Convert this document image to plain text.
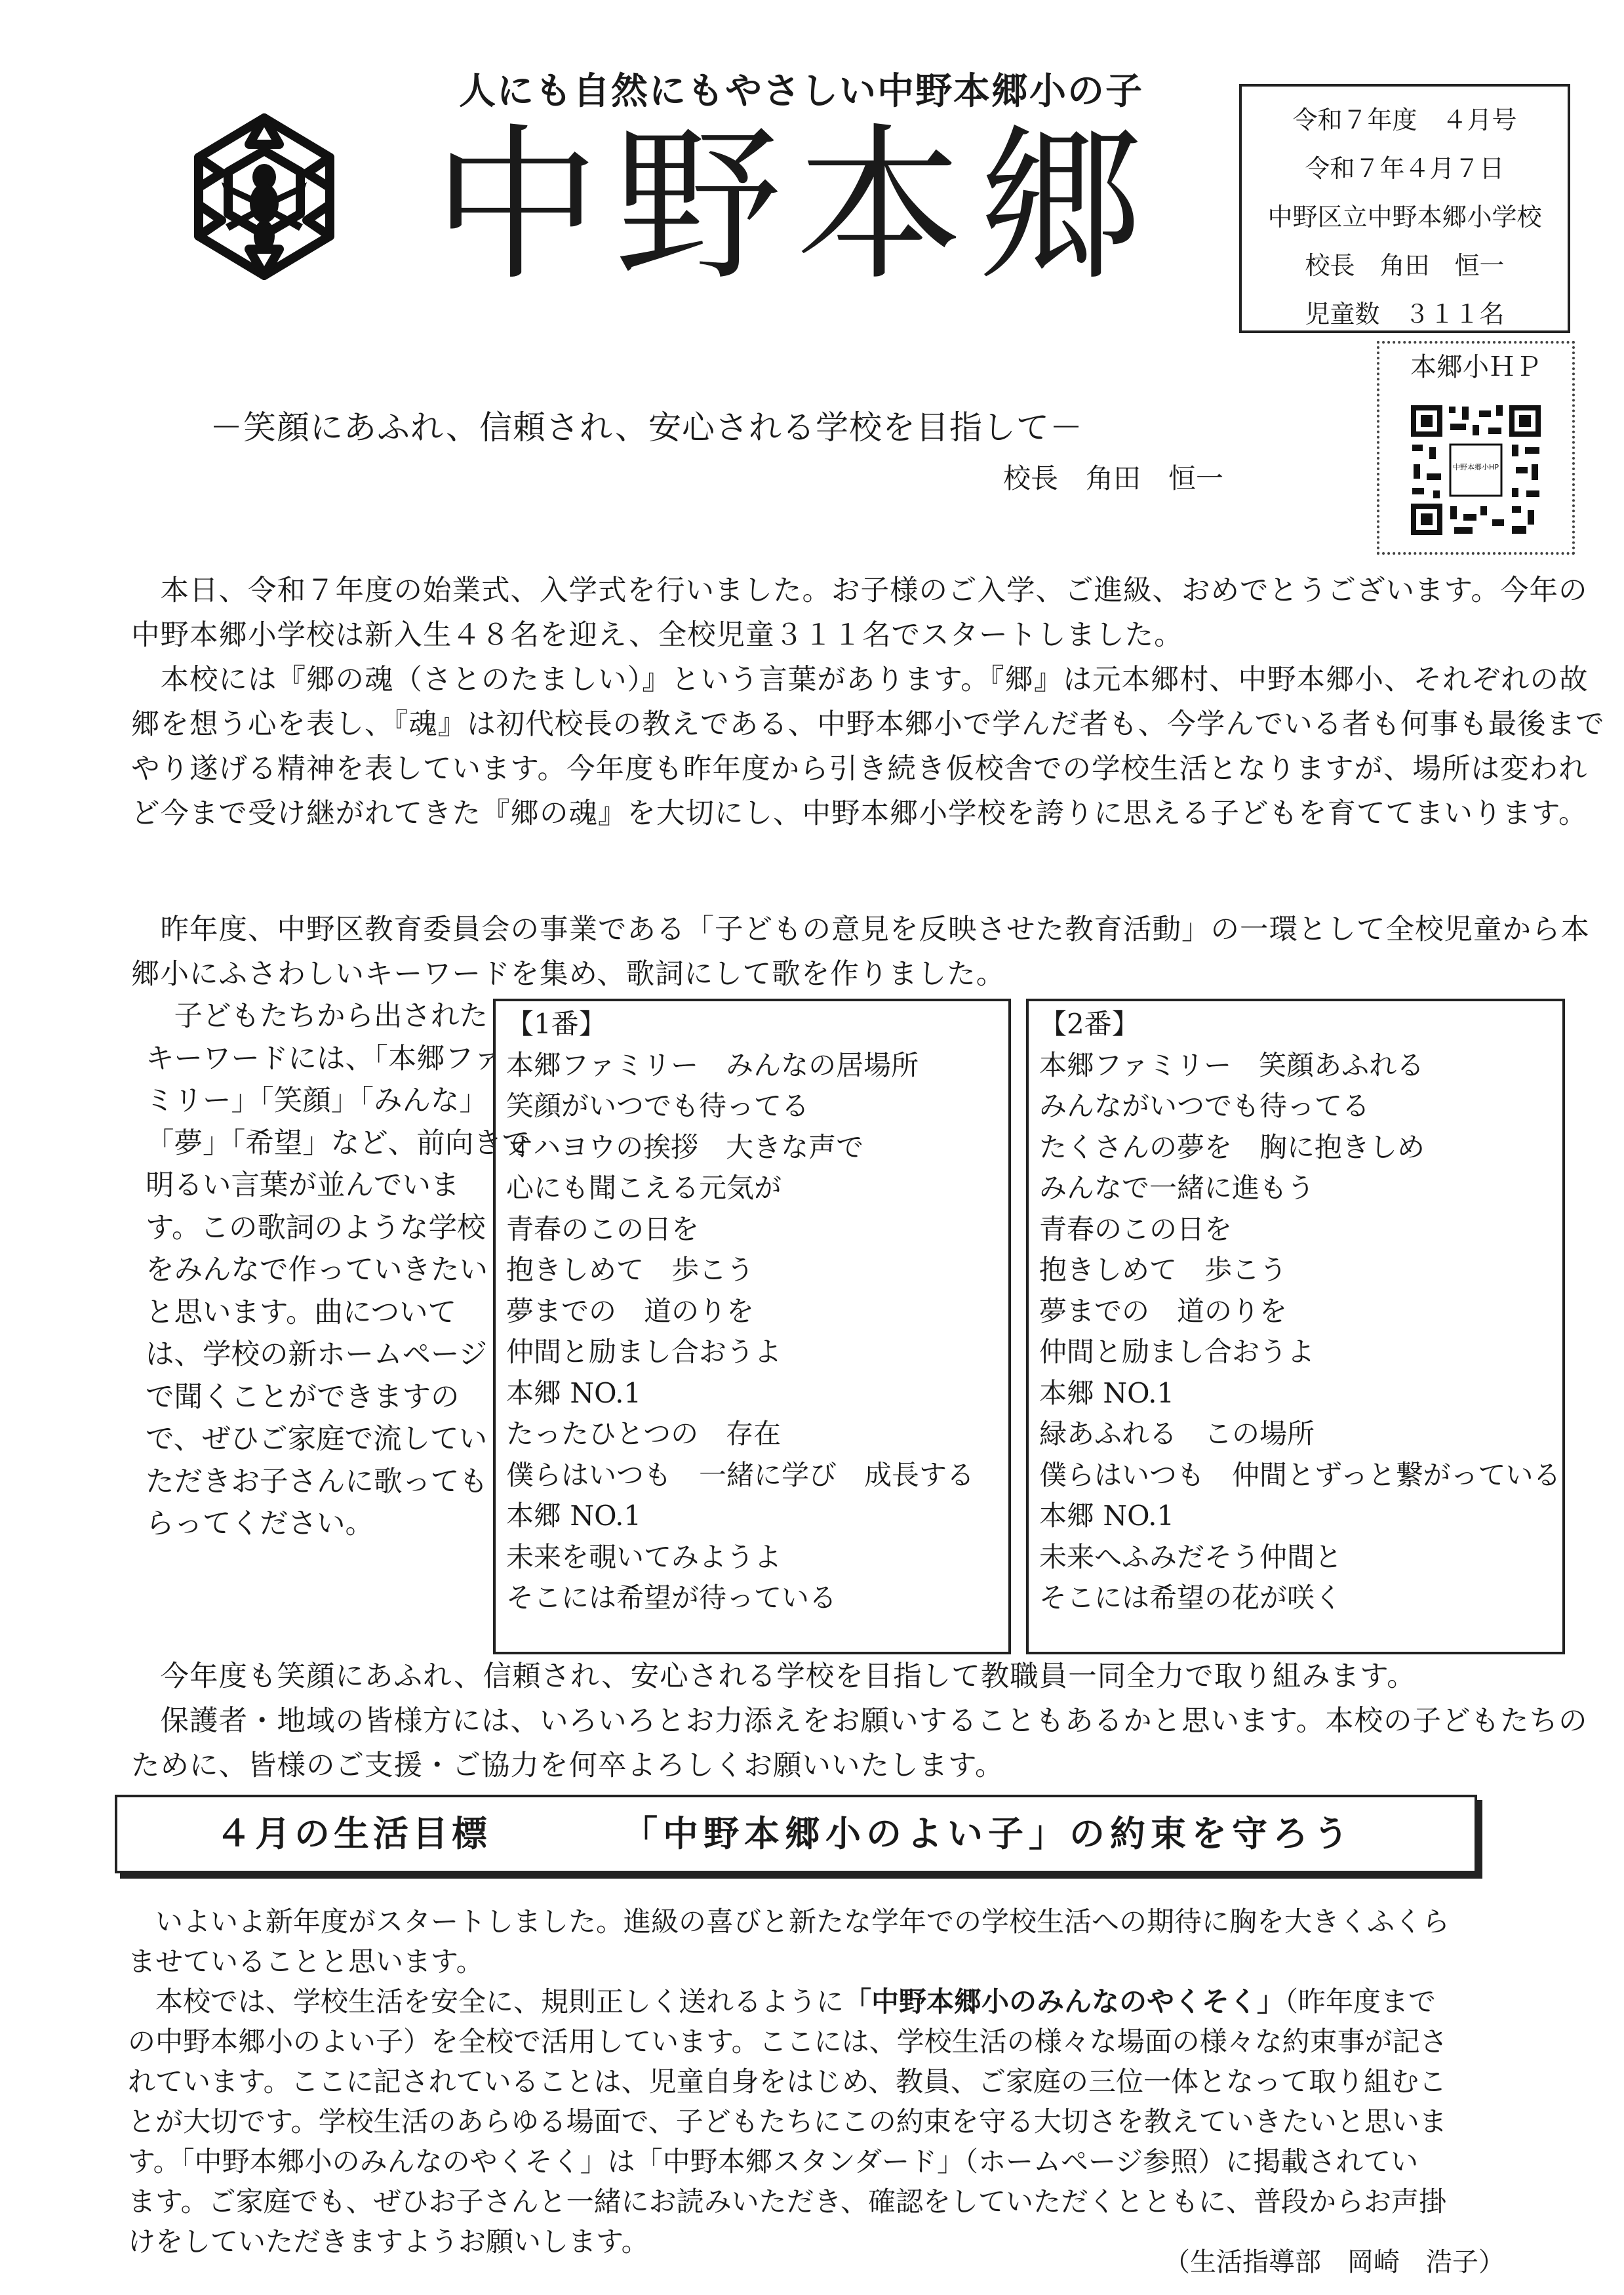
人にも自然にもやさしい中野本郷小の子
中野本郷	令和７年度　４月号
令和７年４月７日
中野区立中野本郷小学校
校長　角田　恒一
児童数　３１１名
本郷小ＨＰ
中野本郷小HP
－笑顔にあふれ、信頼され、安心される学校を目指して－
校長　角田　恒一
　本日、令和７年度の始業式、入学式を行いました。お子様のご入学、ご進級、おめでとうございます。今年の
中野本郷小学校は新入生４８名を迎え、全校児童３１１名でスタートしました。
　本校には『郷の魂（さとのたましい）』という言葉があります。『郷』は元本郷村、中野本郷小、それぞれの故
郷を想う心を表し、『魂』は初代校長の教えである、中野本郷小で学んだ者も、今学んでいる者も何事も最後まで
やり遂げる精神を表しています。今年度も昨年度から引き続き仮校舎での学校生活となりますが、場所は変われ
ど今まで受け継がれてきた『郷の魂』を大切にし、中野本郷小学校を誇りに思える子どもを育ててまいります。
　昨年度、中野区教育委員会の事業である「子どもの意見を反映させた教育活動」の一環として全校児童から本
郷小にふさわしいキーワードを集め、歌詞にして歌を作りました。
　子どもたちから出された
キーワードには、「本郷ファ
ミリー」「笑顔」「みんな」
「夢」「希望」など、前向きで
明るい言葉が並んでいま
す。この歌詞のような学校
をみんなで作っていきたい
と思います。曲について
は、学校の新ホームページ
で聞くことができますの
で、ぜひご家庭で流してい
ただきお子さんに歌っても
らってください。
【1番】
本郷ファミリー　みんなの居場所
笑顔がいつでも待ってる
オハヨウの挨拶　大きな声で
心にも聞こえる元気が
青春のこの日を
抱きしめて　歩こう
夢までの　道のりを
仲間と励まし合おうよ
本郷 NO.1
たったひとつの　存在
僕らはいつも　一緒に学び　成長する
本郷 NO.1
未来を覗いてみようよ
そこには希望が待っている
【2番】
本郷ファミリー　笑顔あふれる
みんながいつでも待ってる
たくさんの夢を　胸に抱きしめ
みんなで一緒に進もう
青春のこの日を
抱きしめて　歩こう
夢までの　道のりを
仲間と励まし合おうよ
本郷 NO.1
緑あふれる　この場所
僕らはいつも　仲間とずっと繋がっている
本郷 NO.1
未来へふみだそう仲間と
そこには希望の花が咲く
　今年度も笑顔にあふれ、信頼され、安心される学校を目指して教職員一同全力で取り組みます。
　保護者・地域の皆様方には、いろいろとお力添えをお願いすることもあるかと思います。本校の子どもたちの
ために、皆様のご支援・ご協力を何卒よろしくお願いいたします。
４月の生活目標	「中野本郷小のよい子」の約束を守ろう
　いよいよ新年度がスタートしました。進級の喜びと新たな学年での学校生活への期待に胸を大きくふくら
ませていることと思います。
　本校では、学校生活を安全に、規則正しく送れるように「中野本郷小のみんなのやくそく」（昨年度まで
の中野本郷小のよい子）を全校で活用しています。ここには、学校生活の様々な場面の様々な約束事が記さ
れています。ここに記されていることは、児童自身をはじめ、教員、ご家庭の三位一体となって取り組むこ
とが大切です。学校生活のあらゆる場面で、子どもたちにこの約束を守る大切さを教えていきたいと思いま
す。「中野本郷小のみんなのやくそく」は「中野本郷スタンダード」（ホームページ参照）に掲載されてい
ます。ご家庭でも、ぜひお子さんと一緒にお読みいただき、確認をしていただくとともに、普段からお声掛
けをしていただきますようお願いします。
（生活指導部　岡崎　浩子）
